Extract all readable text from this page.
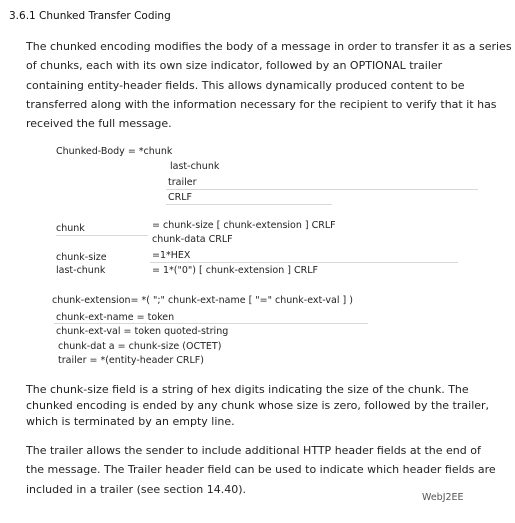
3.6.1 Chunked Transfer Coding
The chunked encoding modifies the body of a message in order to transfer it as a series
of chunks, each with its own size indicator, followed by an OPTIONAL trailer
containing entity-header fields. This allows dynamically produced content to be
transferred along with the information necessary for the recipient to verify that it has
received the full message.
Chunked-Body = *chunk
last-chunk
trailer
CRLF
chunk	= chunk-size [ chunk-extension ] CRLF
chunk-data CRLF
chunk-size	=1*HEX
last-chunk	= 1*("0") [ chunk-extension ] CRLF
chunk-extension= *( ";" chunk-ext-name [ "=" chunk-ext-val ] )
chunk-ext-name = token
chunk-ext-val = token quoted-string
chunk-dat a = chunk-size (OCTET)
trailer = *(entity-header CRLF)
The chunk-size field is a string of hex digits indicating the size of the chunk. The
chunked encoding is ended by any chunk whose size is zero, followed by the trailer,
which is terminated by an empty line.
The trailer allows the sender to include additional HTTP header fields at the end of
the message. The Trailer header field can be used to indicate which header fields are
included in a trailer (see section 14.40).
WebJ2EE
